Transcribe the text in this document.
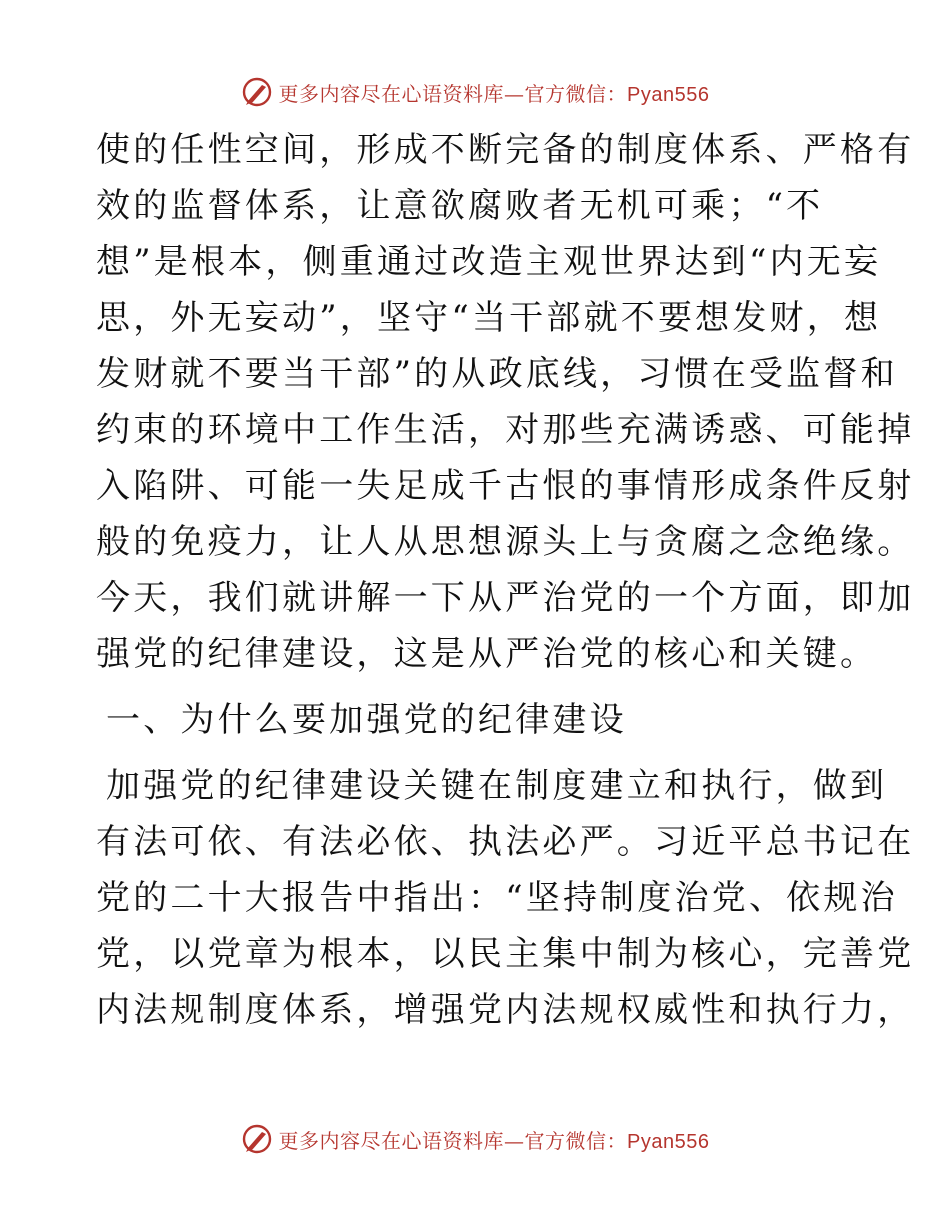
更多内容尽在心语资料库—官方微信：Pyan556
使的任性空间，形成不断完备的制度体系、严格有
效的监督体系，让意欲腐败者无机可乘；“不
想”是根本，侧重通过改造主观世界达到“内无妄
思，外无妄动”，坚守“当干部就不要想发财，想
发财就不要当干部”的从政底线，习惯在受监督和
约束的环境中工作生活，对那些充满诱惑、可能掉
入陷阱、可能一失足成千古恨的事情形成条件反射
般的免疫力，让人从思想源头上与贪腐之念绝缘。
今天，我们就讲解一下从严治党的一个方面，即加
强党的纪律建设，这是从严治党的核心和关键。
一、为什么要加强党的纪律建设
加强党的纪律建设关键在制度建立和执行，做到
有法可依、有法必依、执法必严。习近平总书记在
党的二十大报告中指出：“坚持制度治党、依规治
党，以党章为根本，以民主集中制为核心，完善党
内法规制度体系，增强党内法规权威性和执行力，
更多内容尽在心语资料库—官方微信：Pyan556
